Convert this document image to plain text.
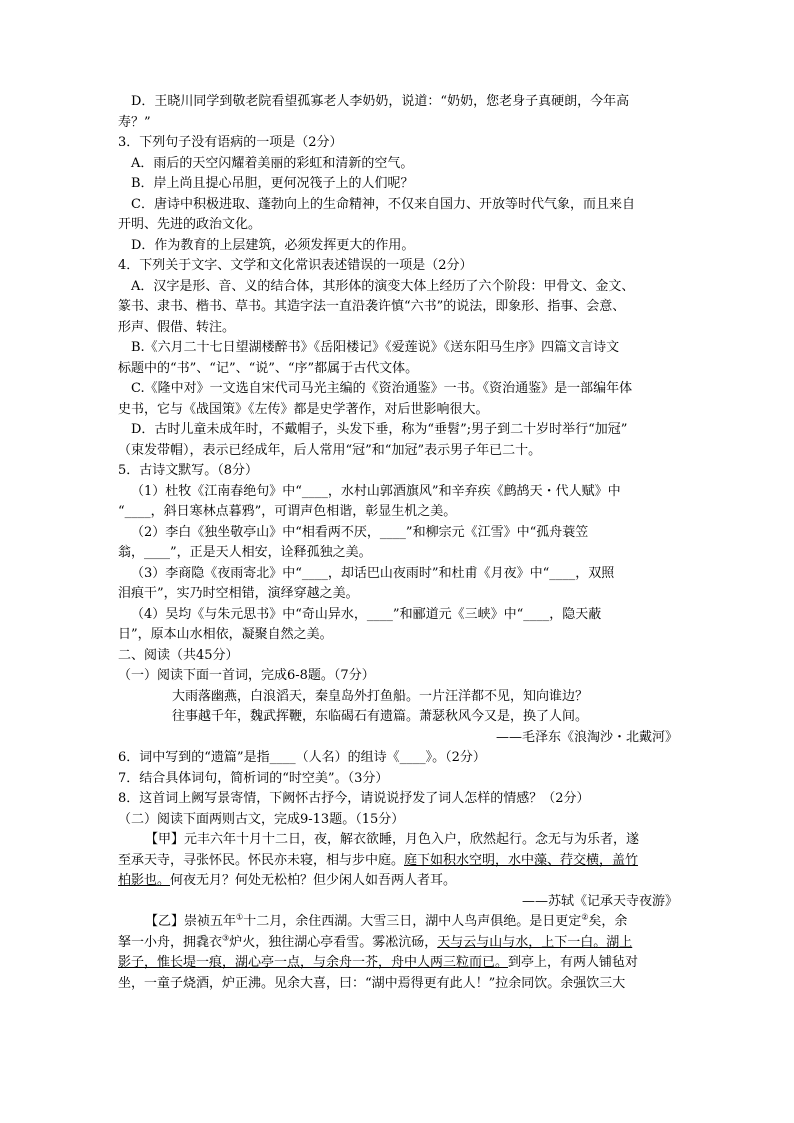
D．王晓川同学到敬老院看望孤寡老人李奶奶，说道：“奶奶，您老身子真硬朗，今年高
寿？”
3．下列句子没有语病的一项是（2分）
A．雨后的天空闪耀着美丽的彩虹和清新的空气。
B．岸上尚且提心吊胆，更何况筏子上的人们呢？
C．唐诗中积极进取、蓬勃向上的生命精神，不仅来自国力、开放等时代气象，而且来自
开明、先进的政治文化。
D．作为教育的上层建筑，必须发挥更大的作用。
4．下列关于文字、文学和文化常识表述错误的一项是（2分）
A．汉字是形、音、义的结合体，其形体的演变大体上经历了六个阶段：甲骨文、金文、
篆书、隶书、楷书、草书。其造字法一直沿袭许慎“六书”的说法，即象形、指事、会意、
形声、假借、转注。
B.《六月二十七日望湖楼醉书》《岳阳楼记》《爱莲说》《送东阳马生序》四篇文言诗文
标题中的“书”、“记”、“说”、“序”都属于古代文体。
C.《隆中对》一文选自宋代司马光主编的《资治通鉴》一书。《资治通鉴》是一部编年体
史书，它与《战国策》《左传》都是史学著作，对后世影响很大。
D．古时儿童未成年时，不戴帽子，头发下垂，称为“垂髫”;男子到二十岁时举行“加冠”
（束发带帽），表示已经成年，后人常用“冠”和“加冠”表示男子年已二十。
5．古诗文默写。（8分）
（1）杜牧《江南春绝句》中“____，水村山郭酒旗风”和辛弃疾《鹧鸪天・代人赋》中
“____，斜日寒林点暮鸦”，可谓声色相谐，彰显生机之美。
（2）李白《独坐敬亭山》中“相看两不厌，____”和柳宗元《江雪》中“孤舟蓑笠
翁，____”，正是天人相安，诠释孤独之美。
（3）李商隐《夜雨寄北》中“____，却话巴山夜雨时”和杜甫《月夜》中“____，双照
泪痕干”，实乃时空相错，演绎穿越之美。
（4）吴均《与朱元思书》中“奇山异水，____”和郦道元《三峡》中“____，隐天蔽
日”，原本山水相依，凝聚自然之美。
二、阅读（共45分）
（一）阅读下面一首词，完成6-8题。（7分）
大雨落幽燕，白浪滔天，秦皇岛外打鱼船。一片汪洋都不见，知向谁边？
往事越千年，魏武挥鞭，东临碣石有遗篇。萧瑟秋风今又是，换了人间。
——毛泽东《浪淘沙・北戴河》
6．词中写到的“遗篇”是指____（人名）的组诗《____》。（2分）
7．结合具体词句，简析词的“时空美”。（3分）
8．这首词上阙写景寄情，下阙怀古抒今，请说说抒发了词人怎样的情感？（2分）
（二）阅读下面两则古文，完成9-13题。（15分）
【甲】元丰六年十月十二日，夜，解衣欲睡，月色入户，欣然起行。念无与为乐者，遂
至承天寺，寻张怀民。怀民亦未寝，相与步中庭。庭下如积水空明，水中藻、荇交横，盖竹
柏影也。何夜无月？何处无松柏？但少闲人如吾两人者耳。
——苏轼《记承天寺夜游》
【乙】崇祯五年①十二月，余住西湖。大雪三日，湖中人鸟声俱绝。是日更定②矣，余
拏一小舟，拥毳衣③炉火，独往湖心亭看雪。雾凇沆砀，天与云与山与水，上下一白。湖上
影子，惟长堤一痕，湖心亭一点，与余舟一芥，舟中人两三粒而已。到亭上，有两人铺毡对
坐，一童子烧酒，炉正沸。见余大喜，曰：“湖中焉得更有此人！”拉余同饮。余强饮三大
